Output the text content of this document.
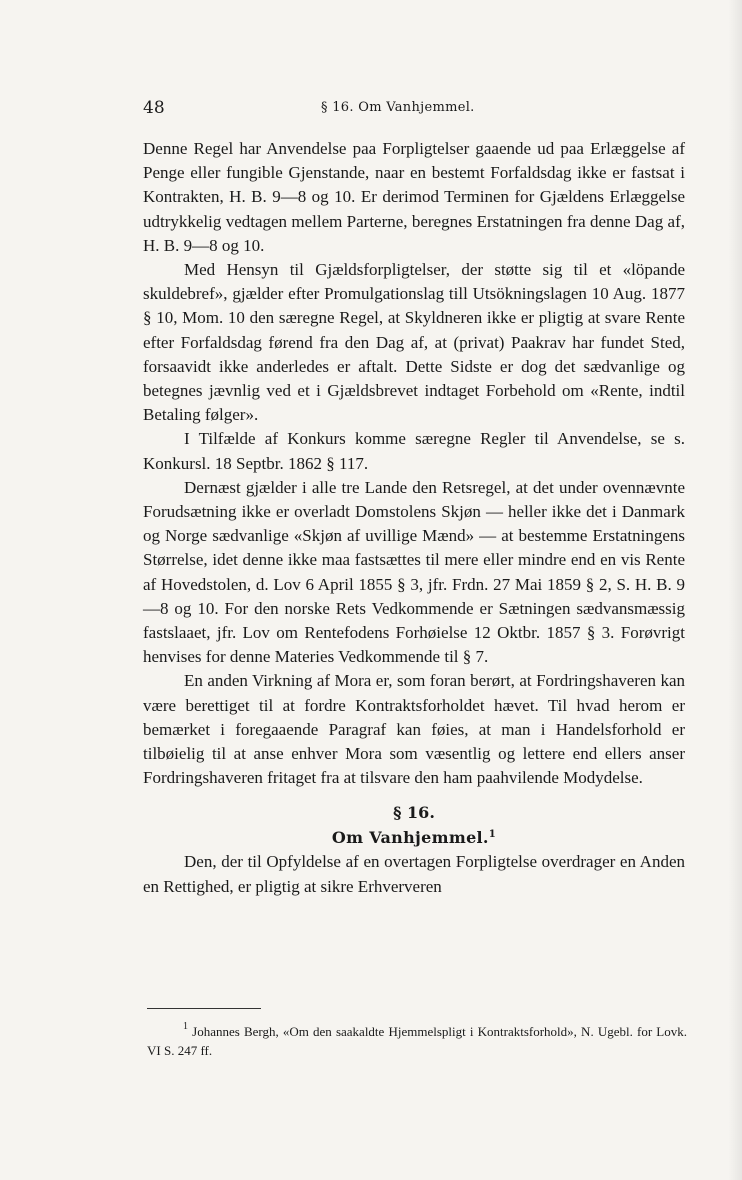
48	§ 16. Om Vanhjemmel.

Denne Regel har Anvendelse paa Forpligtelser gaaende ud paa Erlæggelse af Penge eller fungible Gjenstande, naar en bestemt Forfaldsdag ikke er fastsat i Kontrakten, H. B. 9—8 og 10. Er derimod Terminen for Gjældens Erlæggelse udtrykkelig vedtagen mellem Parterne, beregnes Erstatningen fra denne Dag af, H. B. 9—8 og 10.

Med Hensyn til Gjældsforpligtelser, der støtte sig til et «löpande skuldebref», gjælder efter Promulgationslag till Utsökningslagen 10 Aug. 1877 § 10, Mom. 10 den særegne Regel, at Skyldneren ikke er pligtig at svare Rente efter Forfaldsdag førend fra den Dag af, at (privat) Paakrav har fundet Sted, forsaavidt ikke anderledes er aftalt. Dette Sidste er dog det sædvanlige og betegnes jævnlig ved et i Gjældsbrevet indtaget Forbehold om «Rente, indtil Betaling følger».

I Tilfælde af Konkurs komme særegne Regler til Anvendelse, se s. Konkursl. 18 Septbr. 1862 § 117.

Dernæst gjælder i alle tre Lande den Retsregel, at det under ovennævnte Forudsætning ikke er overladt Domstolens Skjøn — heller ikke det i Danmark og Norge sædvanlige «Skjøn af uvillige Mænd» — at bestemme Erstatningens Størrelse, idet denne ikke maa fastsættes til mere eller mindre end en vis Rente af Hovedstolen, d. Lov 6 April 1855 § 3, jfr. Frdn. 27 Mai 1859 § 2, S. H. B. 9—8 og 10. For den norske Rets Vedkommende er Sætningen sædvansmæssig fastslaaet, jfr. Lov om Rentefodens Forhøielse 12 Oktbr. 1857 § 3. Forøvrigt henvises for denne Materies Vedkommende til § 7.

En anden Virkning af Mora er, som foran berørt, at Fordringshaveren kan være berettiget til at fordre Kontraktsforholdet hævet. Til hvad herom er bemærket i foregaaende Paragraf kan føies, at man i Handelsforhold er tilbøielig til at anse enhver Mora som væsentlig og lettere end ellers anser Fordringshaveren fritaget fra at tilsvare den ham paahvilende Modydelse.

§ 16.
Om Vanhjemmel.$^1$

Den, der til Opfyldelse af en overtagen Forpligtelse overdrager en Anden en Rettighed, er pligtig at sikre Erhververen

$^1$ Johannes Bergh, «Om den saakaldte Hjemmelspligt i Kontraktsforhold», N. Ugebl. for Lovk. VI S. 247 ff.
